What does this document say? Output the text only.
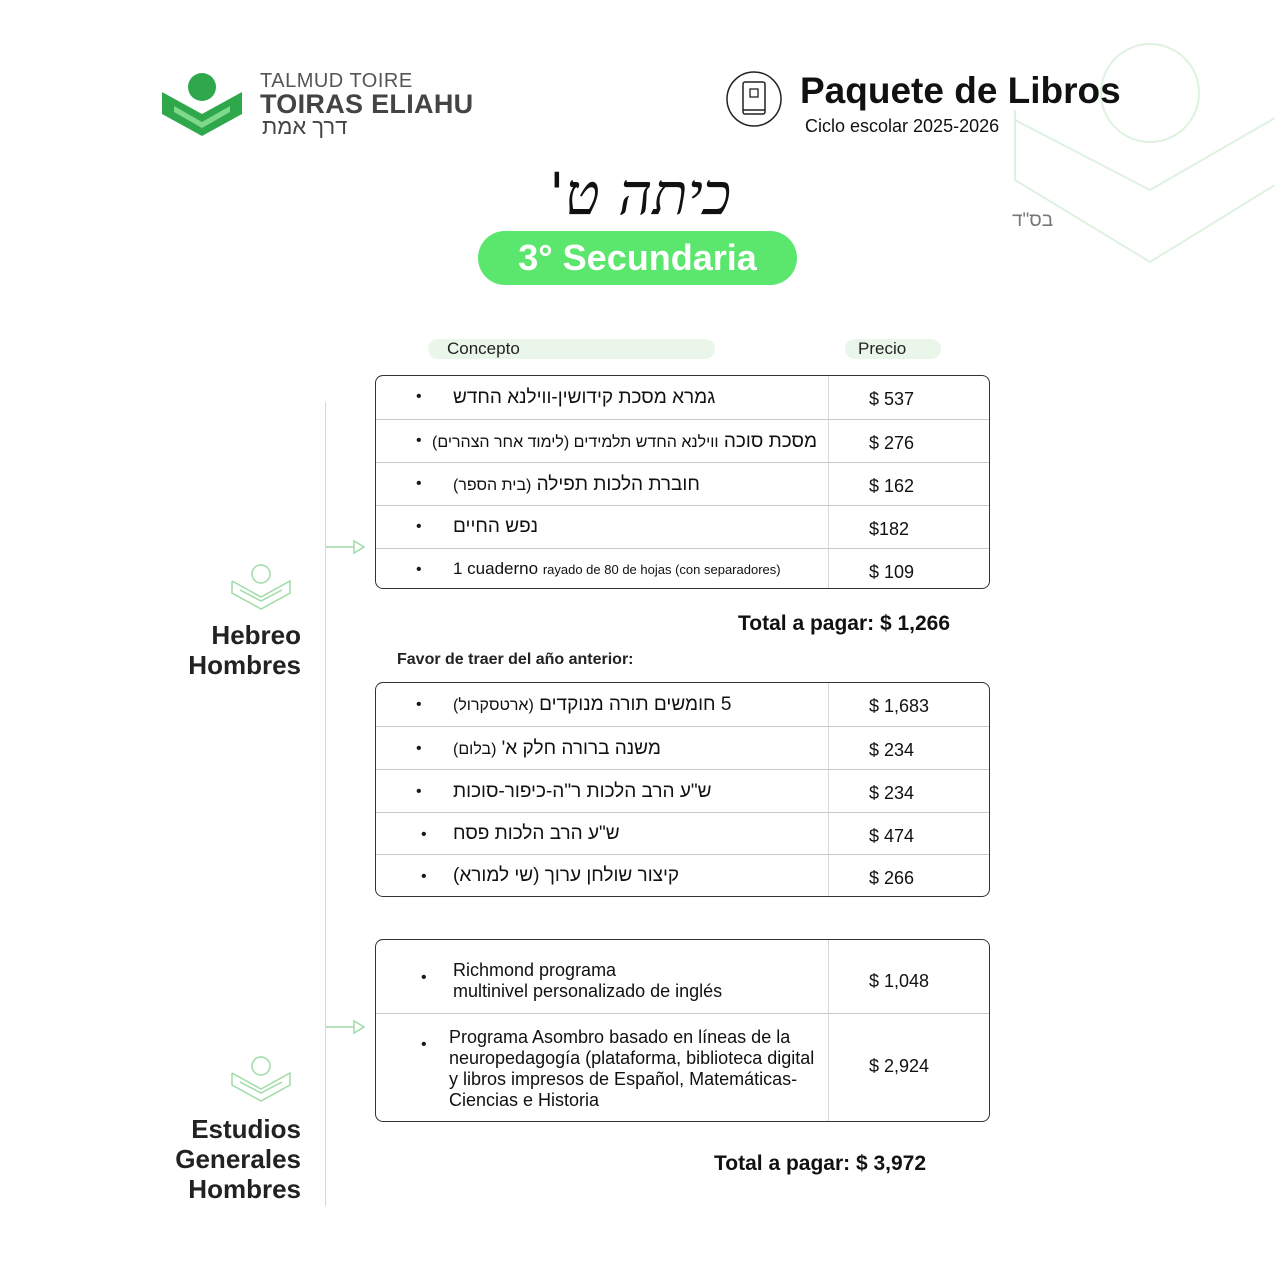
TALMUD TOIRE
TOIRAS ELIAHU
דרך אמת
Paquete de Libros
Ciclo escolar 2025-2026
בס"ד
כיתה ט'
3° Secundaria
Concepto	Precio
Hebreo
Hombres
Estudios
Generales
Hombres
• גמרא מסכת קידושין-ווילנא החדש	$ 537
•	מסכת סוכה ווילנא החדש תלמידים (לימוד אחר הצהרים)	$ 276
•	חוברת הלכות תפילה (בית הספר)	$ 162
• נפש החיים	$182
• 1 cuaderno rayado de 80 de hojas (con separadores)	$ 109
Total a pagar: $ 1,266
Favor de traer del año anterior:
•	5 חומשים תורה מנוקדים (ארטסקרול)	$ 1,683
•	משנה ברורה חלק א' (בלום)	$ 234
• ש"ע הרב הלכות ר"ה-כיפור-סוכות	$ 234
• ש"ע הרב הלכות פסח	$ 474
• קיצור שולחן ערוך (שי למורא)	$ 266
• Richmond programa
multinivel personalizado de inglés	$ 1,048
• Programa Asombro basado en líneas de la
neuropedagogía (plataforma, biblioteca digital
y libros impresos de Español, Matemáticas-
Ciencias e Historia
$ 2,924
Total a pagar: $ 3,972
